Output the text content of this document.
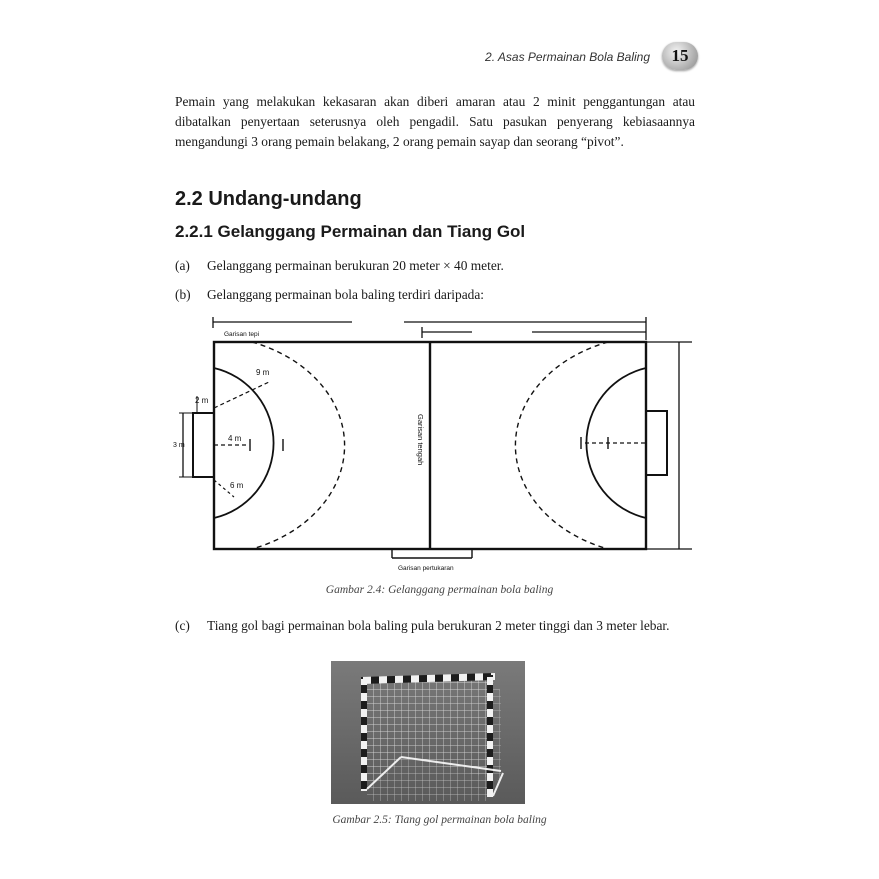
2. Asas Permainan Bola Baling	15
Pemain yang melakukan kekasaran akan diberi amaran atau 2 minit penggantungan atau dibatalkan penyertaan seterusnya oleh pengadil. Satu pasukan penyerang kebiasaannya mengandungi 3 orang pemain belakang, 2 orang pemain sayap dan seorang “pivot”.
2.2 Undang-undang
2.2.1 Gelanggang Permainan dan Tiang Gol
(a) Gelanggang permainan berukuran 20 meter × 40 meter.
(b) Gelanggang permainan bola baling terdiri daripada:
Garisan tepi
9 m
2 m
3 m
4 m
6 m
Garisan tengah
Garisan pertukaran
Gambar 2.4: Gelanggang permainan bola baling
(c) Tiang gol bagi permainan bola baling pula berukuran 2 meter tinggi dan 3 meter lebar.
Gambar 2.5: Tiang gol permainan bola baling
